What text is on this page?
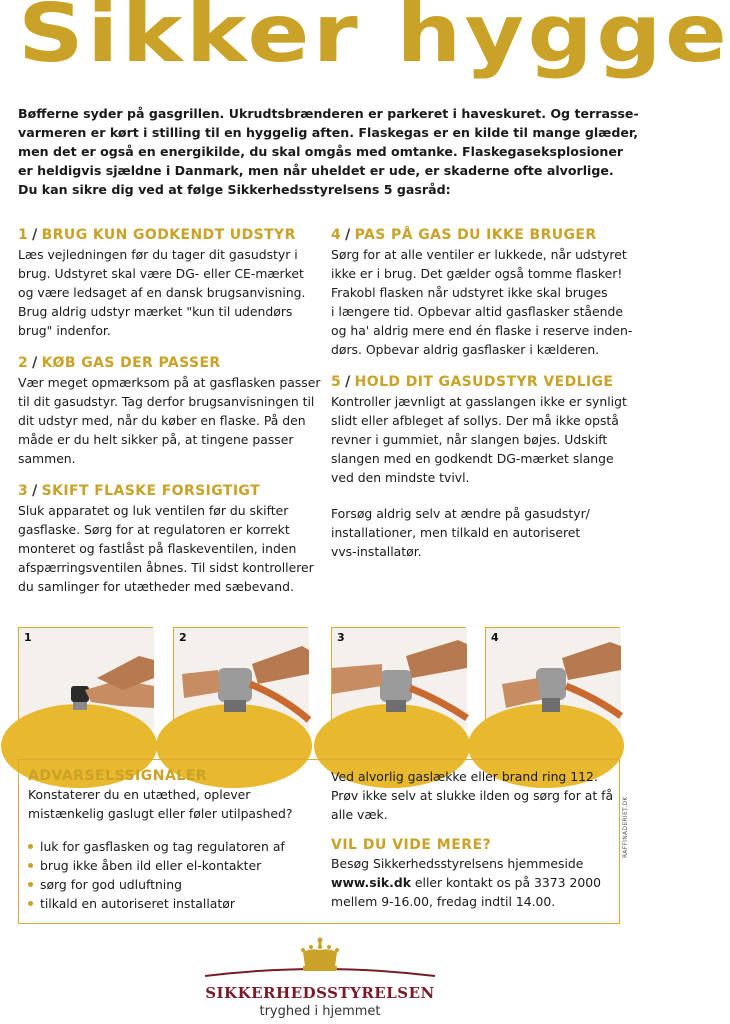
Sikker hygge
Bøfferne syder på gasgrillen. Ukrudtsbrænderen er parkeret i haveskuret. Og terrasse-
varmeren er kørt i stilling til en hyggelig aften. Flaskegas er en kilde til mange glæder,
men det er også en energikilde, du skal omgås med omtanke. Flaskegaseksplosioner
er heldigvis sjældne i Danmark, men når uheldet er ude, er skaderne ofte alvorlige.
Du kan sikre dig ved at følge Sikkerhedsstyrelsens 5 gasråd:
1 / BRUG KUN GODKENDT UDSTYR
Læs vejledningen før du tager dit gasudstyr i
brug. Udstyret skal være DG- eller CE-mærket
og være ledsaget af en dansk brugsanvisning.
Brug aldrig udstyr mærket "kun til udendørs
brug" indenfor.
2 / KØB GAS DER PASSER
Vær meget opmærksom på at gasflasken passer
til dit gasudstyr. Tag derfor brugsanvisningen til
dit udstyr med, når du køber en flaske. På den
måde er du helt sikker på, at tingene passer
sammen.
3 / SKIFT FLASKE FORSIGTIGT
Sluk apparatet og luk ventilen før du skifter
gasflaske. Sørg for at regulatoren er korrekt
monteret og fastlåst på flaskeventilen, inden
afspærringsventilen åbnes. Til sidst kontrollerer
du samlinger for utætheder med sæbevand.
4 / PAS PÅ GAS DU IKKE BRUGER
Sørg for at alle ventiler er lukkede, når udstyret
ikke er i brug. Det gælder også tomme flasker!
Frakobl flasken når udstyret ikke skal bruges
i længere tid. Opbevar altid gasflasker stående
og ha' aldrig mere end én flaske i reserve inden-
dørs. Opbevar aldrig gasflasker i kælderen.
5 / HOLD DIT GASUDSTYR VEDLIGE
Kontroller jævnligt at gasslangen ikke er synligt
slidt eller afbleget af sollys. Der må ikke opstå
revner i gummiet, når slangen bøjes. Udskift
slangen med en godkendt DG-mærket slange
ved den mindste tvivl.
Forsøg aldrig selv at ændre på gasudstyr/
installationer, men tilkald en autoriseret
vvs-installatør.
1	2	3	4
ADVARSELSSIGNALER
Konstaterer du en utæthed, oplever
mistænkelig gaslugt eller føler utilpashed?
luk for gasflasken og tag regulatoren af
brug ikke åben ild eller el-kontakter
sørg for god udluftning
tilkald en autoriseret installatør
Ved alvorlig gaslække eller brand ring 112.
Prøv ikke selv at slukke ilden og sørg for at få
alle væk.
VIL DU VIDE MERE?
Besøg Sikkerhedsstyrelsens hjemmeside
www.sik.dk eller kontakt os på 3373 2000
mellem 9-16.00, fredag indtil 14.00.
RAFFINADERIET.DK
SIKKERHEDSSTYRELSEN
tryghed i hjemmet
